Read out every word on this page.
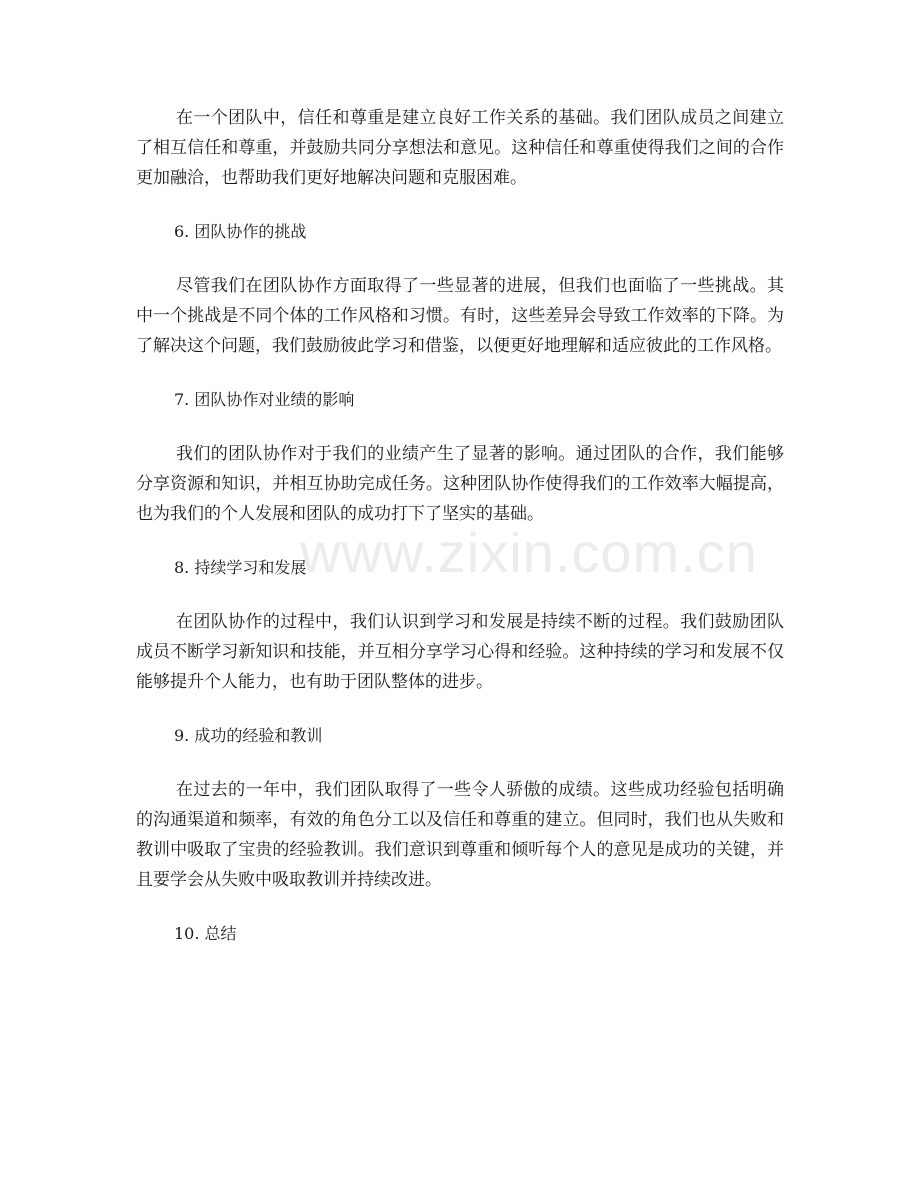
www.zixin.com.cn

在一个团队中，信任和尊重是建立良好工作关系的基础。我们团队成员之间建立了相互信任和尊重，并鼓励共同分享想法和意见。这种信任和尊重使得我们之间的合作更加融洽，也帮助我们更好地解决问题和克服困难。

6. 团队协作的挑战

尽管我们在团队协作方面取得了一些显著的进展，但我们也面临了一些挑战。其中一个挑战是不同个体的工作风格和习惯。有时，这些差异会导致工作效率的下降。为了解决这个问题，我们鼓励彼此学习和借鉴，以便更好地理解和适应彼此的工作风格。

7. 团队协作对业绩的影响

我们的团队协作对于我们的业绩产生了显著的影响。通过团队的合作，我们能够分享资源和知识，并相互协助完成任务。这种团队协作使得我们的工作效率大幅提高，也为我们的个人发展和团队的成功打下了坚实的基础。

8. 持续学习和发展

在团队协作的过程中，我们认识到学习和发展是持续不断的过程。我们鼓励团队成员不断学习新知识和技能，并互相分享学习心得和经验。这种持续的学习和发展不仅能够提升个人能力，也有助于团队整体的进步。

9. 成功的经验和教训

在过去的一年中，我们团队取得了一些令人骄傲的成绩。这些成功经验包括明确的沟通渠道和频率，有效的角色分工以及信任和尊重的建立。但同时，我们也从失败和教训中吸取了宝贵的经验教训。我们意识到尊重和倾听每个人的意见是成功的关键，并且要学会从失败中吸取教训并持续改进。

10. 总结
